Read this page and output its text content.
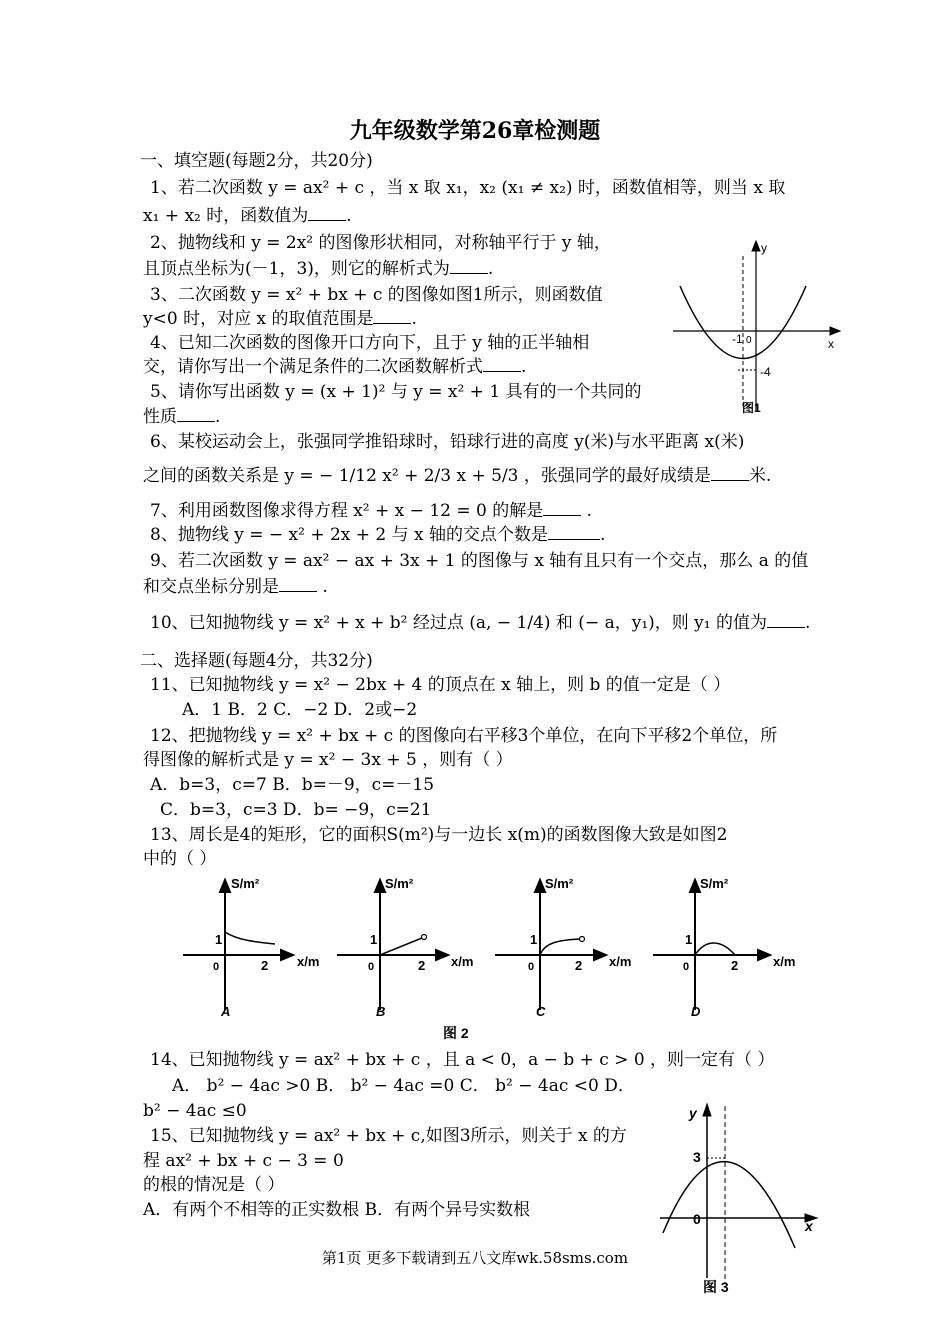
九年级数学第26章检测题
一、填空题(每题2分，共20分)
1、若二次函数 y = ax² + c ，当 x 取 x₁，x₂ (x₁ ≠ x₂) 时，函数值相等，则当 x 取
x₁ + x₂ 时，函数值为 .
2、抛物线和 y = 2x² 的图像形状相同，对称轴平行于 y 轴，
且顶点坐标为(－1，3)，则它的解析式为 .
3、二次函数 y = x² + bx + c 的图像如图1所示，则函数值
y<0 时，对应 x 的取值范围是 .
4、已知二次函数的图像开口方向下，且于 y 轴的正半轴相
交，请你写出一个满足条件的二次函数解析式 .
5、请你写出函数 y = (x + 1)² 与 y = x² + 1 具有的一个共同的
性质 .
6、某校运动会上，张强同学推铅球时，铅球行进的高度 y(米)与水平距离 x(米)
之间的函数关系是 y = − 1/12 x² + 2/3 x + 5/3 ，张强同学的最好成绩是 米.
7、利用函数图像求得方程 x² + x − 12 = 0 的解是 .
8、抛物线 y = − x² + 2x + 2 与 x 轴的交点个数是	.
9、若二次函数 y = ax² − ax + 3x + 1 的图像与 x 轴有且只有一个交点，那么 a 的值
和交点坐标分别是 .
10、已知抛物线 y = x² + x + b² 经过点 (a, − 1/4) 和 (− a，y₁)，则 y₁ 的值为 .
二、选择题(每题4分，共32分)
11、已知抛物线 y = x² − 2bx + 4 的顶点在 x 轴上，则 b 的值一定是（ ）
A．1 B．2 C．−2 D．2或−2
12、把抛物线 y = x² + bx + c 的图像向右平移3个单位，在向下平移2个单位，所
得图像的解析式是 y = x² − 3x + 5 ，则有（ ）
A．b=3，c=7 B．b=－9，c=－15
C．b=3，c=3 D．b= −9，c=21
13、周长是4的矩形，它的面积S(m²)与一边长 x(m)的函数图像大致是如图2
中的（ ）
S/m²
x/m
1
0	2
A
S/m²
x/m
1
0	2
B
S/m²
x/m
1
0	2
C
S/m²
x/m
1
0	2
D
图 2
14、已知抛物线 y = ax² + bx + c ，且 a < 0，a − b + c > 0 ，则一定有（ ）
A． b² − 4ac >0 B． b² − 4ac =0 C． b² − 4ac <0 D．
b² − 4ac ≤0
15、已知抛物线 y = ax² + bx + c,如图3所示，则关于 x 的方
程 ax² + bx + c − 3 = 0
的根的情况是（ ）
A．有两个不相等的正实数根 B．有两个异号实数根
y
x
-1 0
-4
图1
y
x
3
0
图 3
第1页 更多下载请到五八文库wk.58sms.com
